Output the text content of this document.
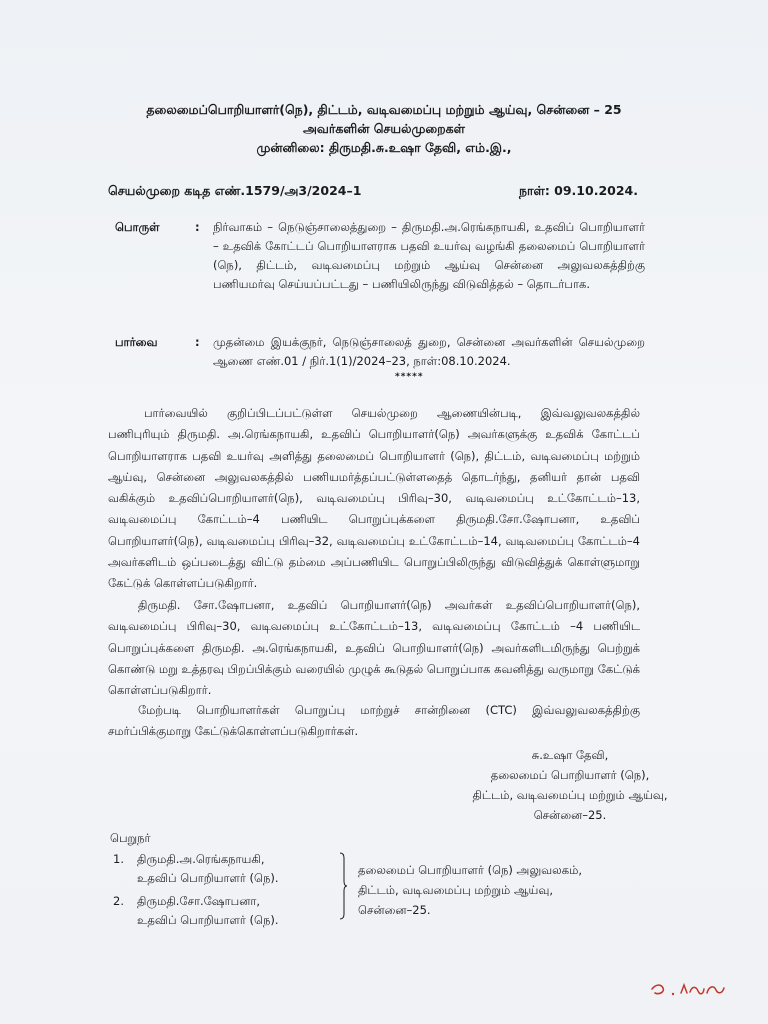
தலைமைப்பொறியாளர்(நெ), திட்டம், வடிவமைப்பு மற்றும் ஆய்வு, சென்னை – 25
அவர்களின் செயல்முறைகள்
முன்னிலை: திருமதி.சு.உஷா தேவி, எம்.இ.,
செயல்முறை கடித எண்.1579/அ3/2024–1	நாள்: 09.10.2024.
பொருள்	:	நிர்வாகம் – நெடுஞ்சாலைத்துறை – திருமதி.அ.ரெங்கநாயகி, உதவிப் பொறியாளர் – உதவிக் கோட்டப் பொறியாளராக பதவி உயர்வு வழங்கி தலைமைப் பொறியாளர் (நெ), திட்டம், வடிவமைப்பு மற்றும் ஆய்வு சென்னை அலுவலகத்திற்கு பணியமர்வு செய்யப்பட்டது – பணியிலிருந்து விடுவித்தல் – தொடர்பாக.
பார்வை	:	முதன்மை இயக்குநர், நெடுஞ்சாலைத் துறை, சென்னை அவர்களின் செயல்முறை ஆணை எண்.01 / நிர்.1(1)/2024–23, நாள்:08.10.2024.
*****

பார்வையில் குறிப்பிடப்பட்டுள்ள செயல்முறை ஆணையின்படி, இவ்வலுவலகத்தில் பணிபுரியும் திருமதி. அ.ரெங்கநாயகி, உதவிப் பொறியாளர்(நெ) அவர்களுக்கு உதவிக் கோட்டப் பொறியாளராக பதவி உயர்வு அளித்து தலைமைப் பொறியாளர் (நெ), திட்டம், வடிவமைப்பு மற்றும் ஆய்வு, சென்னை அலுவலகத்தில் பணியமர்த்தப்பட்டுள்ளதைத் தொடர்ந்து, தனியர் தான் பதவி வகிக்கும் உதவிப்பொறியாளர்(நெ), வடிவமைப்பு பிரிவு–30, வடிவமைப்பு உட்கோட்டம்–13, வடிவமைப்பு கோட்டம்–4 பணியிட பொறுப்புக்களை திருமதி.சோ.ஷோபனா, உதவிப் பொறியாளர்(நெ), வடிவமைப்பு பிரிவு–32, வடிவமைப்பு உட்கோட்டம்–14, வடிவமைப்பு கோட்டம்–4 அவர்களிடம் ஒப்படைத்து விட்டு தம்மை அப்பணியிட பொறுப்பிலிருந்து விடுவித்துக் கொள்ளுமாறு கேட்டுக் கொள்ளப்படுகிறார்.

திருமதி. சோ.ஷோபனா, உதவிப் பொறியாளர்(நெ) அவர்கள் உதவிப்பொறியாளர்(நெ), வடிவமைப்பு பிரிவு–30, வடிவமைப்பு உட்கோட்டம்–13, வடிவமைப்பு கோட்டம் –4 பணியிட பொறுப்புக்களை திருமதி. அ.ரெங்கநாயகி, உதவிப் பொறியாளர்(நெ) அவர்களிடமிருந்து பெற்றுக் கொண்டு மறு உத்தரவு பிறப்பிக்கும் வரையில் முழுக் கூடுதல் பொறுப்பாக கவனித்து வருமாறு கேட்டுக் கொள்ளப்படுகிறார்.

மேற்படி பொறியாளர்கள் பொறுப்பு மாற்றுச் சான்றினை (CTC) இவ்வலுவலகத்திற்கு சமர்ப்பிக்குமாறு கேட்டுக்கொள்ளப்படுகிறார்கள்.

சு.உஷா தேவி,
தலைமைப் பொறியாளர் (நெ),
திட்டம், வடிவமைப்பு மற்றும் ஆய்வு,
சென்னை–25.
பெறுநர்
1.	திருமதி.அ.ரெங்கநாயகி,
உதவிப் பொறியாளர் (நெ).
2.	திருமதி.சோ.ஷோபனா,
உதவிப் பொறியாளர் (நெ).
தலைமைப் பொறியாளர் (நெ) அலுவலகம்,
திட்டம், வடிவமைப்பு மற்றும் ஆய்வு,
சென்னை–25.
